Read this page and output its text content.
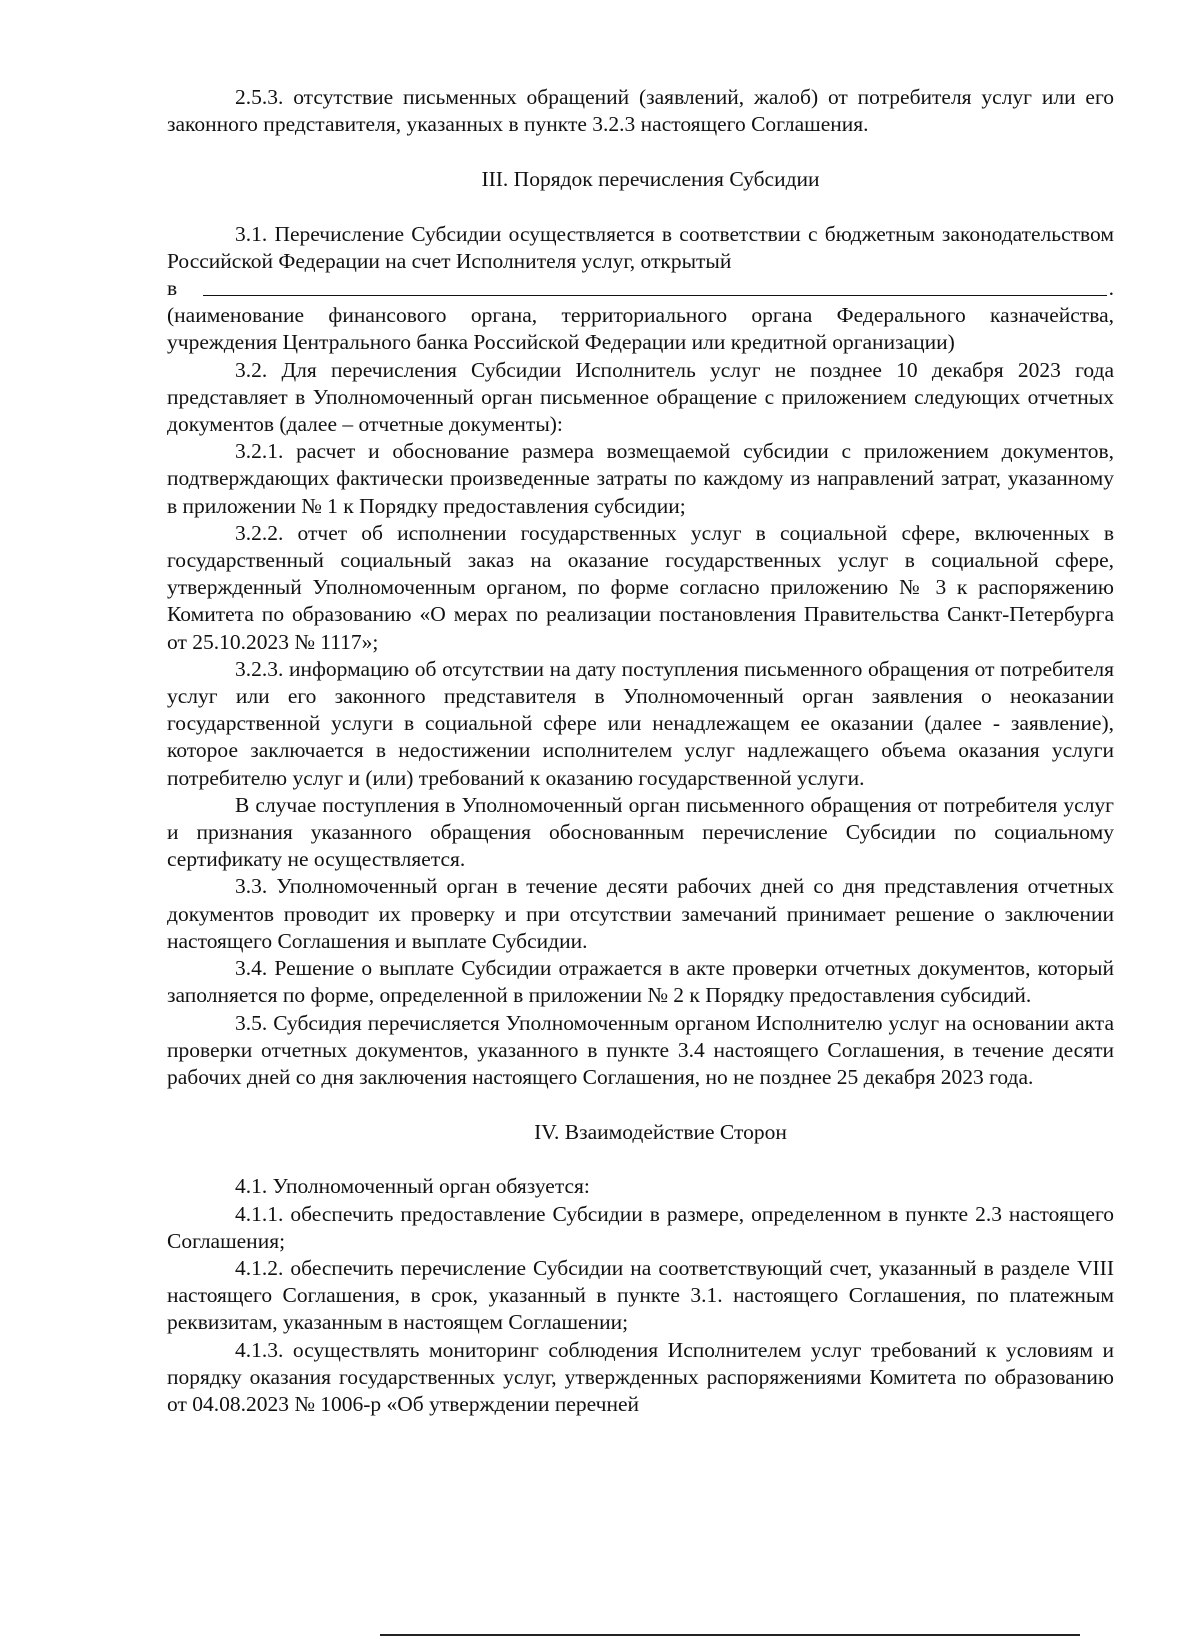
2.5.3. отсутствие письменных обращений (заявлений, жалоб) от потребителя услуг или его законного представителя, указанных в пункте 3.2.3 настоящего Соглашения.

III. Порядок перечисления Субсидии

3.1. Перечисление Субсидии осуществляется в соответствии с бюджетным законодательством Российской Федерации на счет Исполнителя услуг, открытый

в	.

(наименование финансового органа, территориального органа Федерального казначейства, учреждения Центрального банка Российской Федерации или кредитной организации)

3.2. Для перечисления Субсидии Исполнитель услуг не позднее 10 декабря 2023 года представляет в Уполномоченный орган письменное обращение с приложением следующих отчетных документов (далее – отчетные документы):

3.2.1. расчет и обоснование размера возмещаемой субсидии с приложением документов, подтверждающих фактически произведенные затраты по каждому из направлений затрат, указанному в приложении № 1 к Порядку предоставления субсидии;

3.2.2. отчет об исполнении государственных услуг в социальной сфере, включенных в государственный социальный заказ на оказание государственных услуг в социальной сфере, утвержденный Уполномоченным органом, по форме согласно приложению № 3 к распоряжению Комитета по образованию «О мерах по реализации постановления Правительства Санкт-Петербурга от 25.10.2023 № 1117»;

3.2.3. информацию об отсутствии на дату поступления письменного обращения от потребителя услуг или его законного представителя в Уполномоченный орган заявления о неоказании государственной услуги в социальной сфере или ненадлежащем ее оказании (далее - заявление), которое заключается в недостижении исполнителем услуг надлежащего объема оказания услуги потребителю услуг и (или) требований к оказанию государственной услуги.

В случае поступления в Уполномоченный орган письменного обращения от потребителя услуг и признания указанного обращения обоснованным перечисление Субсидии по социальному сертификату не осуществляется.

3.3. Уполномоченный орган в течение десяти рабочих дней со дня представления отчетных документов проводит их проверку и при отсутствии замечаний принимает решение о заключении настоящего Соглашения и выплате Субсидии.

3.4. Решение о выплате Субсидии отражается в акте проверки отчетных документов, который заполняется по форме, определенной в приложении № 2 к Порядку предоставления субсидий.

3.5. Субсидия перечисляется Уполномоченным органом Исполнителю услуг на основании акта проверки отчетных документов, указанного в пункте 3.4 настоящего Соглашения, в течение десяти рабочих дней со дня заключения настоящего Соглашения, но не позднее 25 декабря 2023 года.

IV. Взаимодействие Сторон

4.1. Уполномоченный орган обязуется:

4.1.1. обеспечить предоставление Субсидии в размере, определенном в пункте 2.3 настоящего Соглашения;

4.1.2. обеспечить перечисление Субсидии на соответствующий счет, указанный в разделе VIII настоящего Соглашения, в срок, указанный в пункте 3.1. настоящего Соглашения, по платежным реквизитам, указанным в настоящем Соглашении;

4.1.3. осуществлять мониторинг соблюдения Исполнителем услуг требований к условиям и порядку оказания государственных услуг, утвержденных распоряжениями Комитета по образованию от 04.08.2023 № 1006-р «Об утверждении перечней
